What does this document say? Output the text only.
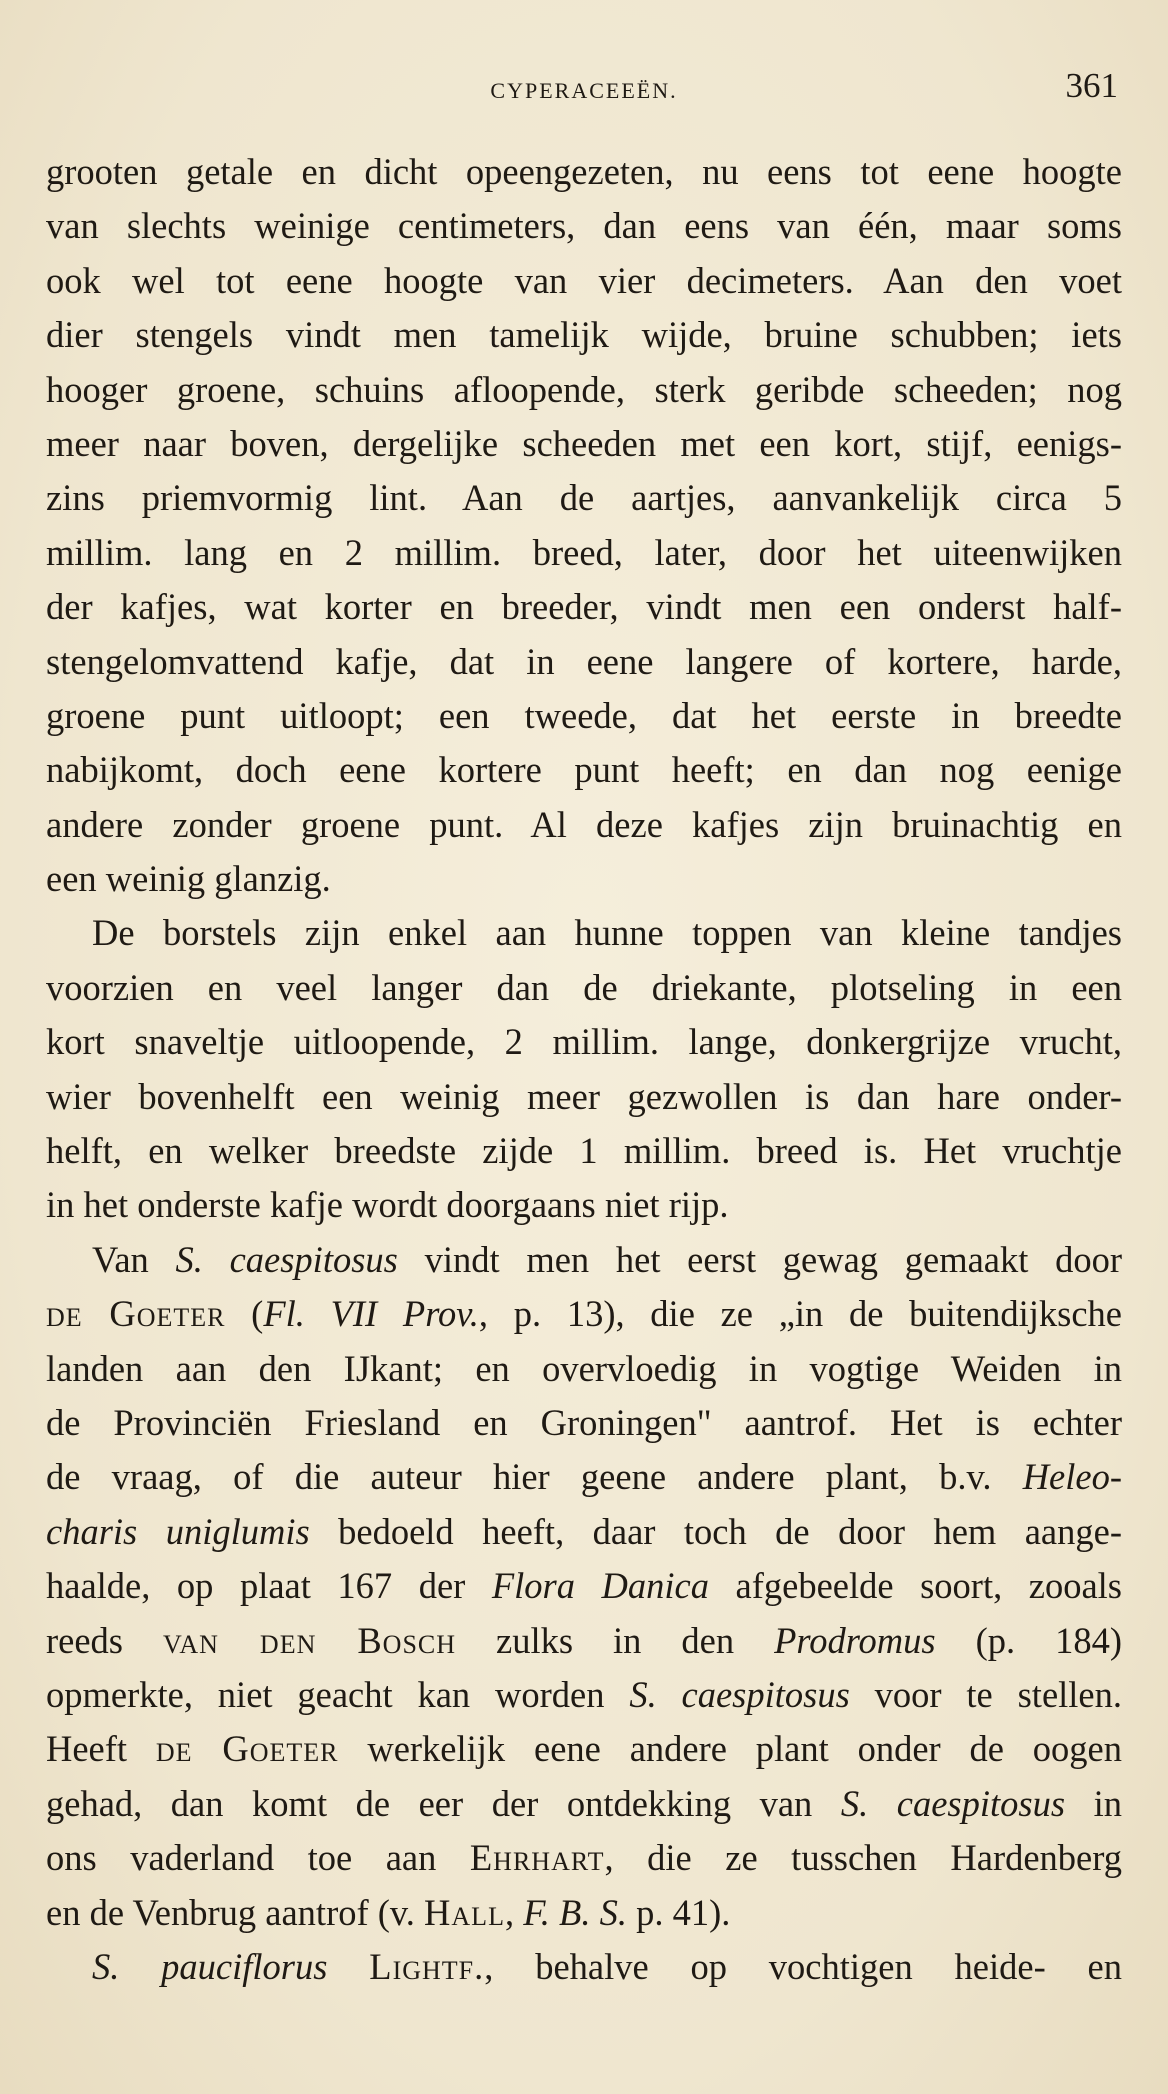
CYPERACEEËN.	361
grooten getale en dicht opeengezeten, nu eens tot eene hoogte
van slechts weinige centimeters, dan eens van één, maar soms
ook wel tot eene hoogte van vier decimeters. Aan den voet
dier stengels vindt men tamelijk wijde, bruine schubben; iets
hooger groene, schuins afloopende, sterk geribde scheeden; nog
meer naar boven, dergelijke scheeden met een kort, stijf, eenigs-
zins priemvormig lint. Aan de aartjes, aanvankelijk circa 5
millim. lang en 2 millim. breed, later, door het uiteenwijken
der kafjes, wat korter en breeder, vindt men een onderst half-
stengelomvattend kafje, dat in eene langere of kortere, harde,
groene punt uitloopt; een tweede, dat het eerste in breedte
nabijkomt, doch eene kortere punt heeft; en dan nog eenige
andere zonder groene punt. Al deze kafjes zijn bruinachtig en
een weinig glanzig.
De borstels zijn enkel aan hunne toppen van kleine tandjes
voorzien en veel langer dan de driekante, plotseling in een
kort snaveltje uitloopende, 2 millim. lange, donkergrijze vrucht,
wier bovenhelft een weinig meer gezwollen is dan hare onder-
helft, en welker breedste zijde 1 millim. breed is. Het vruchtje
in het onderste kafje wordt doorgaans niet rijp.
Van S. caespitosus vindt men het eerst gewag gemaakt door
de Goeter (Fl. VII Prov., p. 13), die ze „in de buitendijksche
landen aan den IJkant; en overvloedig in vogtige Weiden in
de Provinciën Friesland en Groningen" aantrof. Het is echter
de vraag, of die auteur hier geene andere plant, b.v. Heleo-
charis uniglumis bedoeld heeft, daar toch de door hem aange-
haalde, op plaat 167 der Flora Danica afgebeelde soort, zooals
reeds van den Bosch zulks in den Prodromus (p. 184)
opmerkte, niet geacht kan worden S. caespitosus voor te stellen.
Heeft de Goeter werkelijk eene andere plant onder de oogen
gehad, dan komt de eer der ontdekking van S. caespitosus in
ons vaderland toe aan Ehrhart, die ze tusschen Hardenberg
en de Venbrug aantrof (v. Hall, F. B. S. p. 41).
S. pauciflorus Lightf., behalve op vochtigen heide- en
